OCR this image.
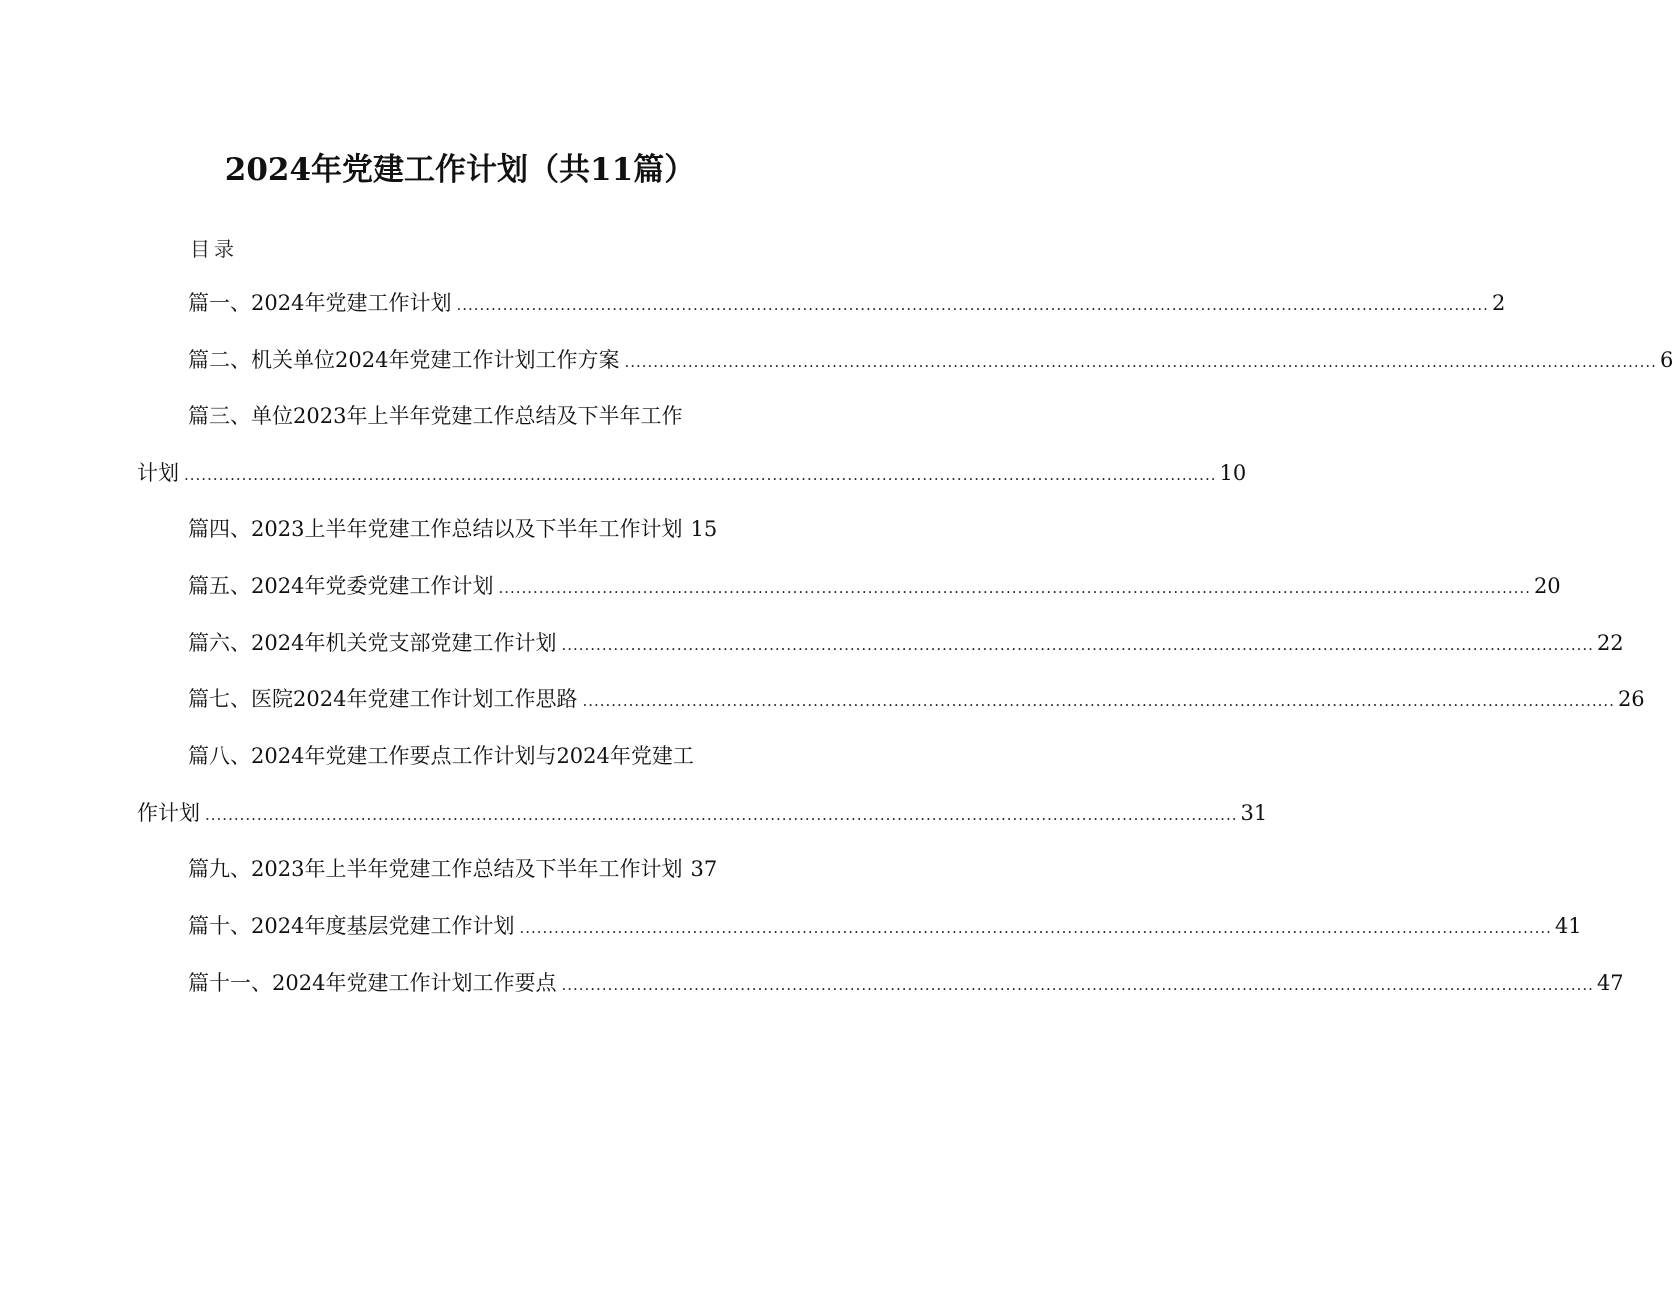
2024年党建工作计划（共11篇）
目录
篇一、2024年党建工作计划 ................................................................................................................................................................................... 2
篇二、机关单位2024年党建工作计划工作方案 ................................................................................................................................................................................... 6
篇三、单位2023年上半年党建工作总结及下半年工作
计划 ................................................................................................................................................................................... 10
篇四、2023上半年党建工作总结以及下半年工作计划 15
篇五、2024年党委党建工作计划 ................................................................................................................................................................................... 20
篇六、2024年机关党支部党建工作计划 ................................................................................................................................................................................... 22
篇七、医院2024年党建工作计划工作思路 ................................................................................................................................................................................... 26
篇八、2024年党建工作要点工作计划与2024年党建工
作计划 ................................................................................................................................................................................... 31
篇九、2023年上半年党建工作总结及下半年工作计划 37
篇十、2024年度基层党建工作计划 ................................................................................................................................................................................... 41
篇十一、2024年党建工作计划工作要点 ................................................................................................................................................................................... 47
